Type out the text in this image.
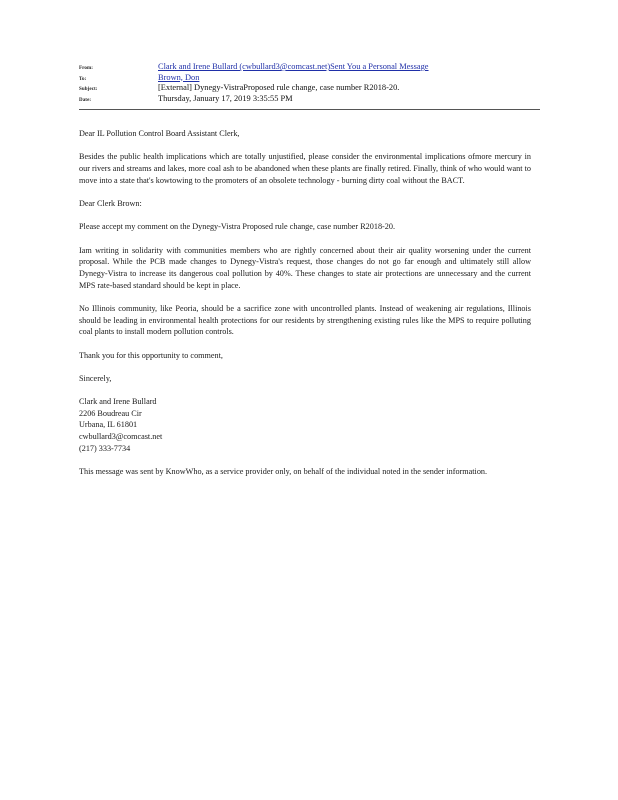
From:	Clark and Irene Bullard (cwbullard3@comcast.net)Sent You a Personal Message
To:	Brown, Don
Subject:	[External] Dynegy-VistraProposed rule change, case number R2018-20.
Date:	Thursday, January 17, 2019 3:35:55 PM

Dear IL Pollution Control Board Assistant Clerk,

Besides the public health implications which are totally unjustified, please consider the environmental implications ofmore mercury in our rivers and streams and lakes, more coal ash to be abandoned when these plants are finally retired. Finally, think of who would want to move into a state that's kowtowing to the promoters of an obsolete technology - burning dirty coal without the BACT.

Dear Clerk Brown:

Please accept my comment on the Dynegy-Vistra Proposed rule change, case number R2018-20.

Iam writing in solidarity with communities members who are rightly concerned about their air quality worsening under the current proposal. While the PCB made changes to Dynegy-Vistra's request, those changes do not go far enough and ultimately still allow Dynegy-Vistra to increase its dangerous coal pollution by 40%. These changes to state air protections are unnecessary and the current MPS rate-based standard should be kept in place.

No Illinois community, like Peoria, should be a sacrifice zone with uncontrolled plants. Instead of weakening air regulations, Illinois should be leading in environmental health protections for our residents by strengthening existing rules like the MPS to require polluting coal plants to install modern pollution controls.

Thank you for this opportunity to comment,

Sincerely,

Clark and Irene Bullard
2206 Boudreau Cir
Urbana, IL 61801
cwbullard3@comcast.net
(217) 333-7734

This message was sent by KnowWho, as a service provider only, on behalf of the individual noted in the sender information.
